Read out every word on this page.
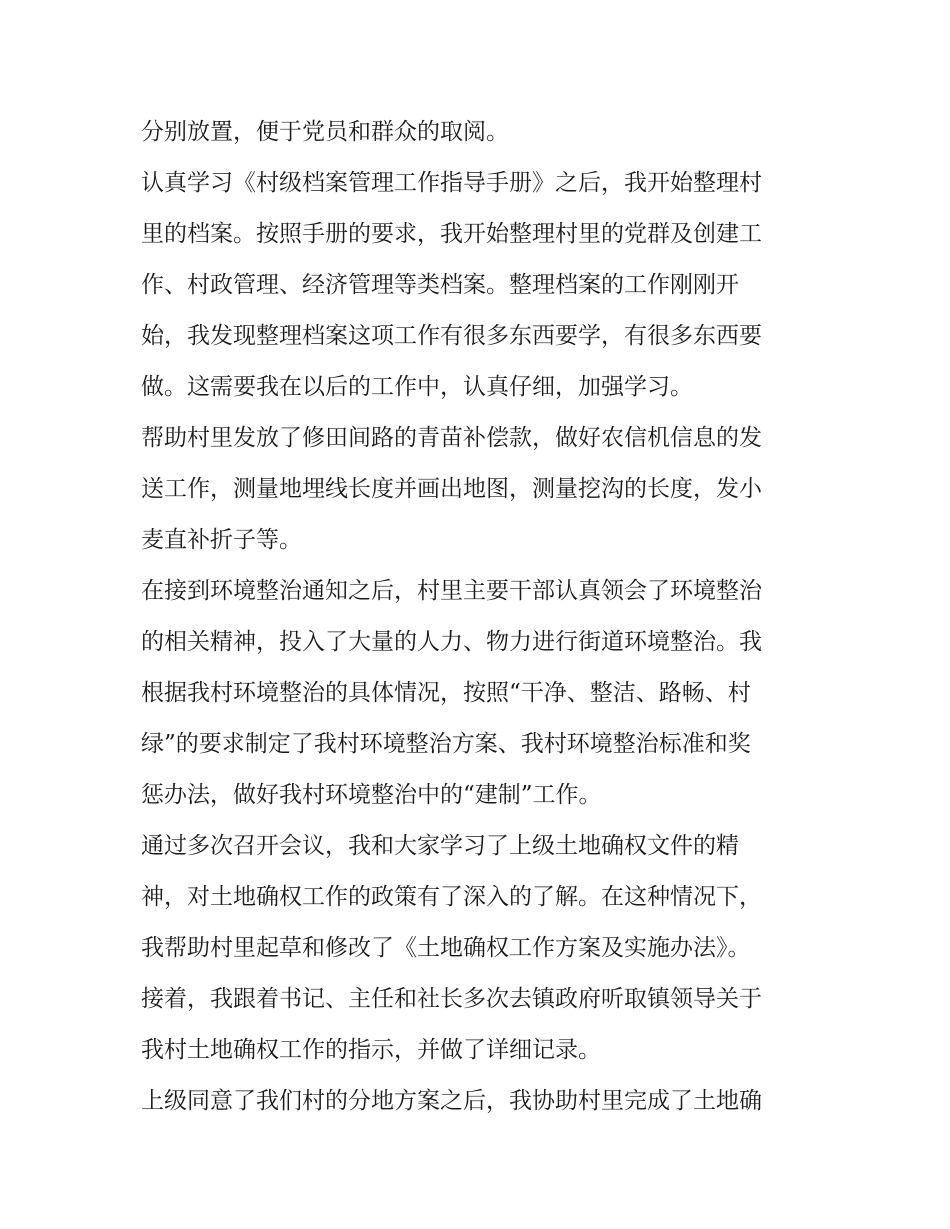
分别放置，便于党员和群众的取阅。
认真学习《村级档案管理工作指导手册》之后，我开始整理村
里的档案。按照手册的要求，我开始整理村里的党群及创建工
作、村政管理、经济管理等类档案。整理档案的工作刚刚开
始，我发现整理档案这项工作有很多东西要学，有很多东西要
做。这需要我在以后的工作中，认真仔细，加强学习。
帮助村里发放了修田间路的青苗补偿款，做好农信机信息的发
送工作，测量地埋线长度并画出地图，测量挖沟的长度，发小
麦直补折子等。
在接到环境整治通知之后，村里主要干部认真领会了环境整治
的相关精神，投入了大量的人力、物力进行街道环境整治。我
根据我村环境整治的具体情况，按照“干净、整洁、路畅、村
绿”的要求制定了我村环境整治方案、我村环境整治标准和奖
惩办法，做好我村环境整治中的“建制”工作。
通过多次召开会议，我和大家学习了上级土地确权文件的精
神，对土地确权工作的政策有了深入的了解。在这种情况下，
我帮助村里起草和修改了《土地确权工作方案及实施办法》。
接着，我跟着书记、主任和社长多次去镇政府听取镇领导关于
我村土地确权工作的指示，并做了详细记录。
上级同意了我们村的分地方案之后，我协助村里完成了土地确
